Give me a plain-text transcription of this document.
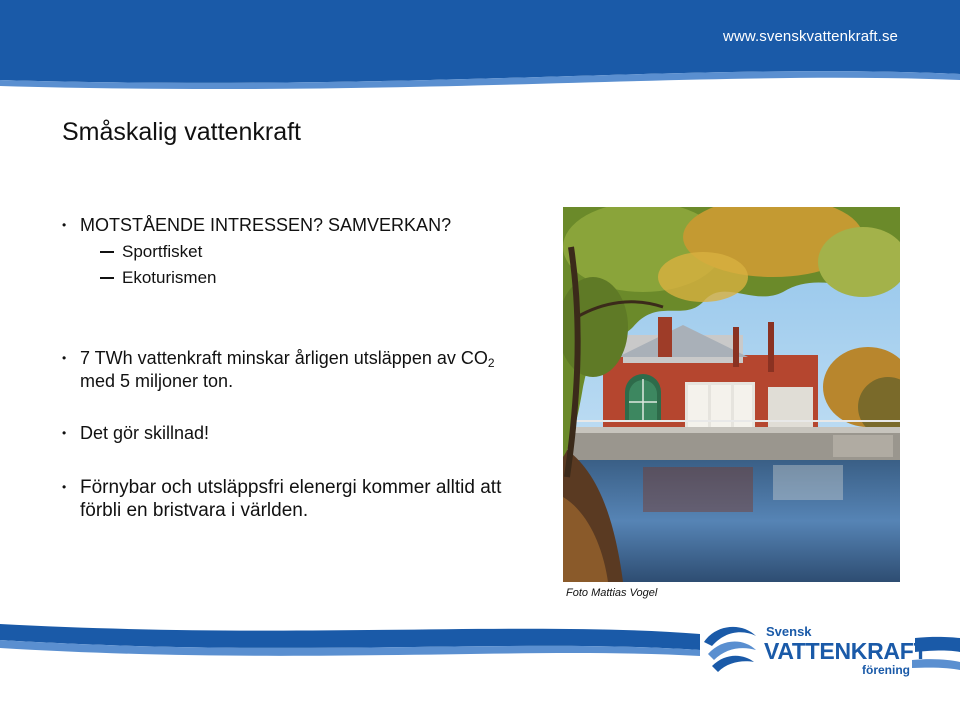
www.svenskvattenkraft.se
Småskalig vattenkraft
• MOTSTÅENDE INTRESSEN? SAMVERKAN?
Sportfisket
Ekoturismen
• 7 TWh vattenkraft minskar årligen utsläppen av $CO_2$
med 5 miljoner ton.
• Det gör skillnad!
• Förnybar och utsläppsfri elenergi kommer alltid att
förbli en bristvara i världen.
Foto Mattias Vogel
Svensk
VATTENKRAFT
förening
